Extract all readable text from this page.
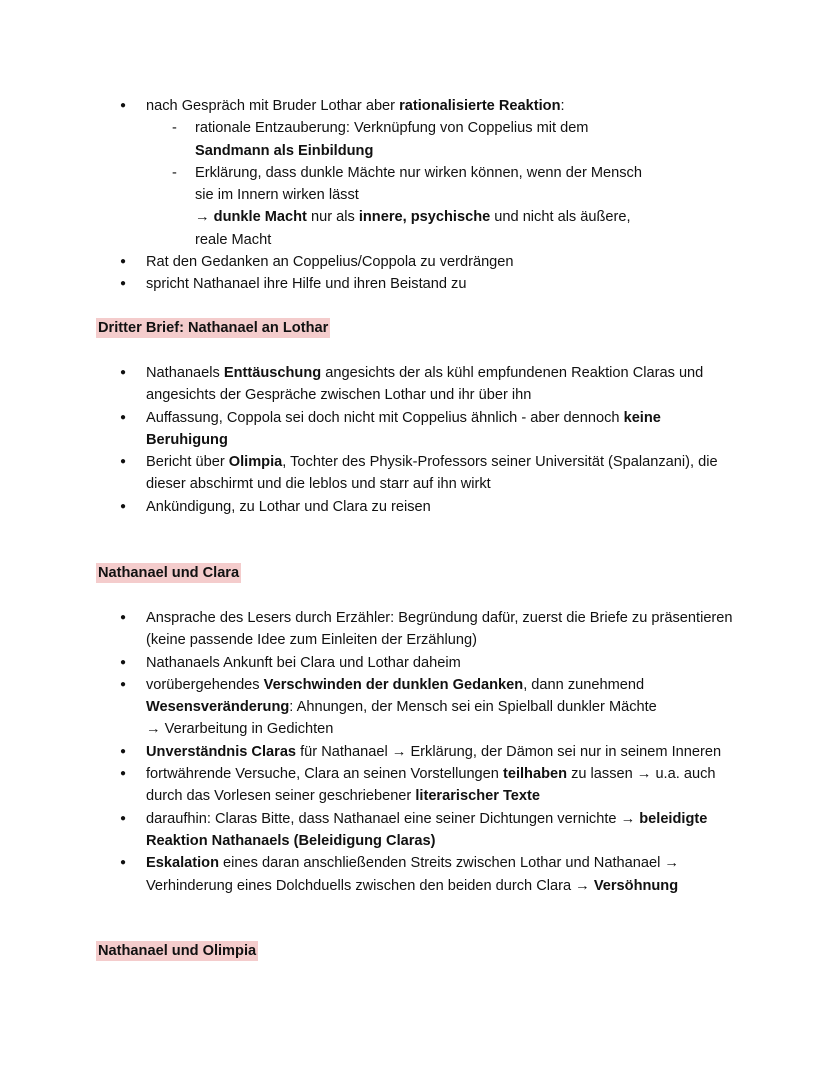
● nach Gespräch mit Bruder Lothar aber rationalisierte Reaktion:
- rationale Entzauberung: Verknüpfung von Coppelius mit dem Sandmann als Einbildung
- Erklärung, dass dunkle Mächte nur wirken können, wenn der Mensch sie im Innern wirken lässt
→ dunkle Macht nur als innere, psychische und nicht als äußere, reale Macht
● Rat den Gedanken an Coppelius/Coppola zu verdrängen
● spricht Nathanael ihre Hilfe und ihren Beistand zu
Dritter Brief: Nathanael an Lothar
● Nathanaels Enttäuschung angesichts der als kühl empfundenen Reaktion Claras und angesichts der Gespräche zwischen Lothar und ihr über ihn
● Auffassung, Coppola sei doch nicht mit Coppelius ähnlich - aber dennoch keine Beruhigung
● Bericht über Olimpia, Tochter des Physik-Professors seiner Universität (Spalanzani), die dieser abschirmt und die leblos und starr auf ihn wirkt
● Ankündigung, zu Lothar und Clara zu reisen
Nathanael und Clara
● Ansprache des Lesers durch Erzähler: Begründung dafür, zuerst die Briefe zu präsentieren (keine passende Idee zum Einleiten der Erzählung)
● Nathanaels Ankunft bei Clara und Lothar daheim
● vorübergehendes Verschwinden der dunklen Gedanken, dann zunehmend Wesensveränderung: Ahnungen, der Mensch sei ein Spielball dunkler Mächte
→ Verarbeitung in Gedichten
● Unverständnis Claras für Nathanael → Erklärung, der Dämon sei nur in seinem Inneren
● fortwährende Versuche, Clara an seinen Vorstellungen teilhaben zu lassen → u.a. auch durch das Vorlesen seiner geschriebener literarischer Texte
● daraufhin: Claras Bitte, dass Nathanael eine seiner Dichtungen vernichte → beleidigte Reaktion Nathanaels (Beleidigung Claras)
● Eskalation eines daran anschließenden Streits zwischen Lothar und Nathanael → Verhinderung eines Dolchduells zwischen den beiden durch Clara → Versöhnung
Nathanael und Olimpia
